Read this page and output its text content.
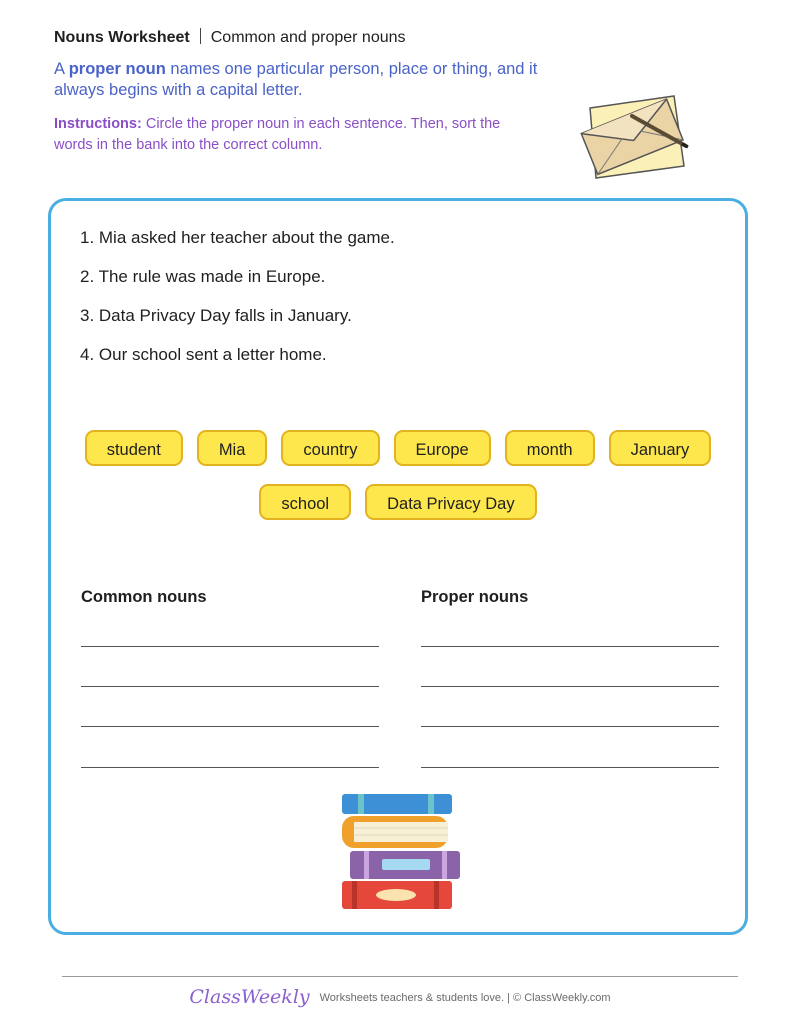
Nouns Worksheet Common and proper nouns
A proper noun names one particular person, place or thing, and it always begins with a capital letter.
Instructions: Circle the proper noun in each sentence. Then, sort the words in the bank into the correct column.
1. Mia asked her teacher about the game.
2. The rule was made in Europe.
3. Data Privacy Day falls in January.
4. Our school sent a letter home.
student	Mia	country	Europe	month	January
school	Data Privacy Day
Common nouns	Proper nouns
ClassWeekly Worksheets teachers & students love. | © ClassWeekly.com
